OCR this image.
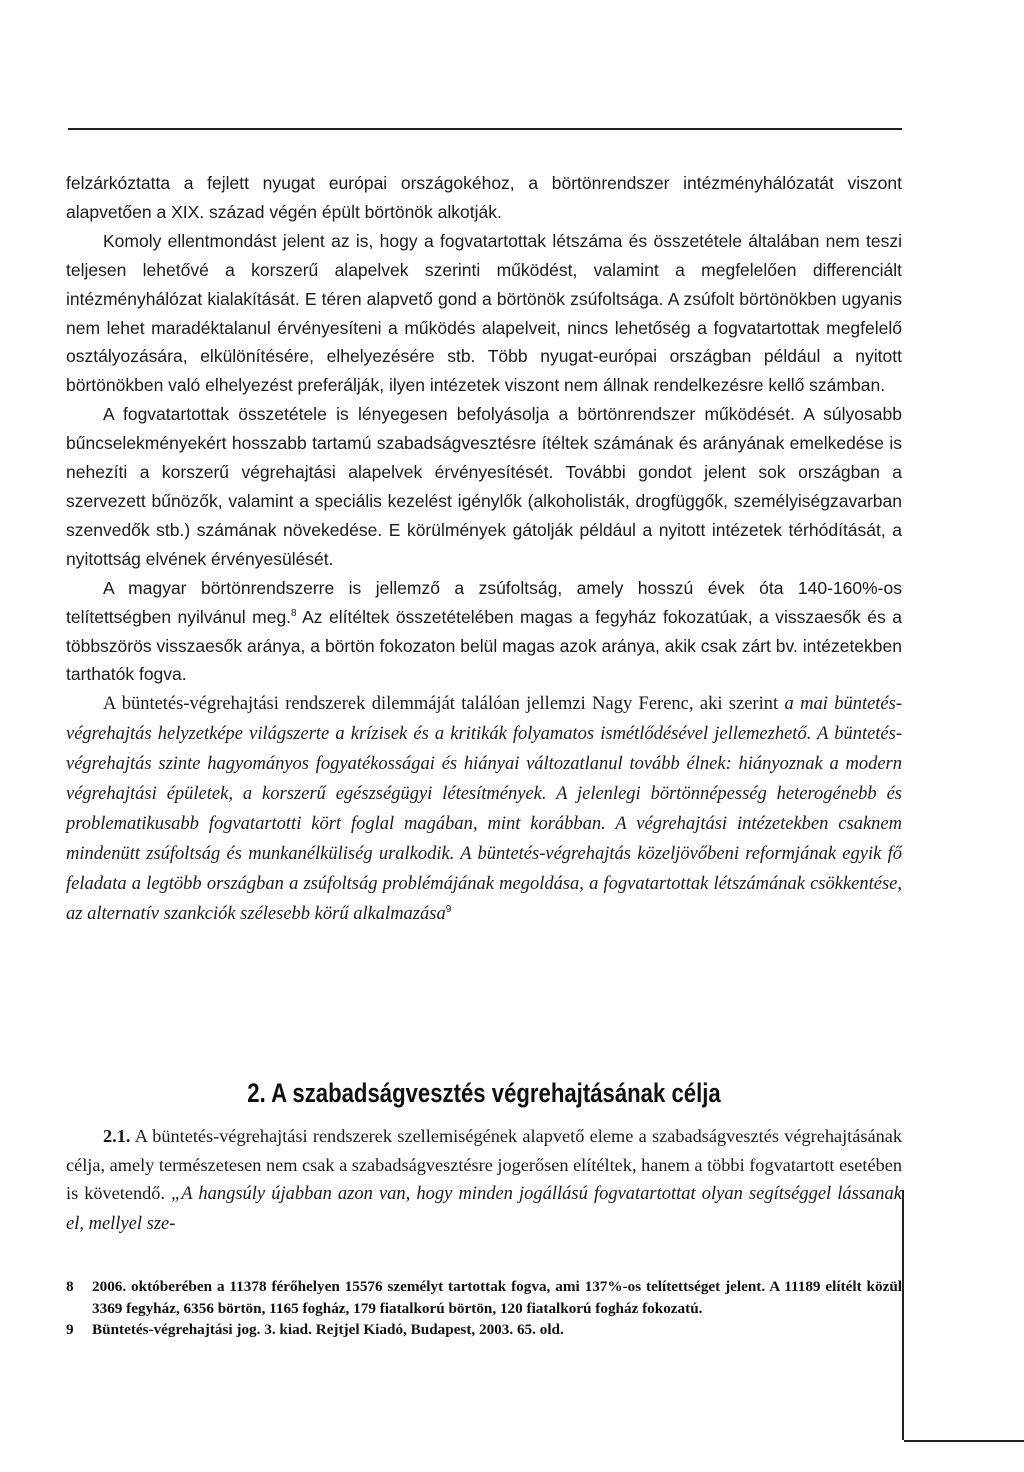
felzárkóztatta a fejlett nyugat európai országokéhoz, a börtönrendszer intézményhálózatát viszont alapvetően a XIX. század végén épült börtönök alkotják.

Komoly ellentmondást jelent az is, hogy a fogvatartottak létszáma és összetétele általában nem teszi teljesen lehetővé a korszerű alapelvek szerinti működést, valamint a megfelelően differenciált intézményhálózat kialakítását. E téren alapvető gond a börtönök zsúfoltsága. A zsúfolt börtönökben ugyanis nem lehet maradéktalanul érvényesíteni a működés alapelveit, nincs lehetőség a fogvatartottak megfelelő osztályozására, elkülönítésére, elhelyezésére stb. Több nyugat-európai országban például a nyitott börtönökben való elhelyezést preferálják, ilyen intézetek viszont nem állnak rendelkezésre kellő számban.

A fogvatartottak összetétele is lényegesen befolyásolja a börtönrendszer működését. A súlyosabb bűncselekményekért hosszabb tartamú szabadságvesztésre ítéltek számának és arányának emelkedése is nehezíti a korszerű végrehajtási alapelvek érvényesítését. További gondot jelent sok országban a szervezett bűnözők, valamint a speciális kezelést igénylők (alkoholisták, drogfüggők, személyiségzavarban szenvedők stb.) számának növekedése. E körülmények gátolják például a nyitott intézetek térhódítását, a nyitottság elvének érvényesülését.

A magyar börtönrendszerre is jellemző a zsúfoltság, amely hosszú évek óta 140-160%-os telítettségben nyilvánul meg.$^8$ Az elítéltek összetételében magas a fegyház fokozatúak, a visszaesők és a többszörös visszaesők aránya, a börtön fokozaton belül magas azok aránya, akik csak zárt bv. intézetekben tarthatók fogva.

A büntetés-végrehajtási rendszerek dilemmáját találóan jellemzi Nagy Ferenc, aki szerint a mai büntetés-végrehajtás helyzetképe világszerte a krízisek és a kritikák folyamatos ismétlődésével jellemezhető. A büntetés-végrehajtás szinte hagyományos fogyatékosságai és hiányai változatlanul tovább élnek: hiányoznak a modern végrehajtási épületek, a korszerű egészségügyi létesítmények. A jelenlegi börtönnépesség heterogénebb és problematikusabb fogvatartotti kört foglal magában, mint korábban. A végrehajtási intézetekben csaknem mindenütt zsúfoltság és munkanélküliség uralkodik. A büntetés-végrehajtás közeljövőbeni reformjának egyik fő feladata a legtöbb országban a zsúfoltság problémájának megoldása, a fogvatartottak létszámának csökkentése, az alternatív szankciók szélesebb körű alkalmazása$^9$

2. A szabadságvesztés végrehajtásának célja

2.1. A büntetés-végrehajtási rendszerek szellemiségének alapvető eleme a szabadságvesztés végrehajtásának célja, amely természetesen nem csak a szabadságvesztésre jogerősen elítéltek, hanem a többi fogvatartott esetében is követendő. „A hangsúly újabban azon van, hogy minden jogállású fogvatartottat olyan segítséggel lássanak el, mellyel sze-

8	2006. októberében a 11378 férőhelyen 15576 személyt tartottak fogva, ami 137%-os telítettséget jelent. A 11189 elítélt közül 3369 fegyház, 6356 börtön, 1165 fogház, 179 fiatalkorú börtön, 120 fiatalkorú fogház fokozatú.
9	Büntetés-végrehajtási jog. 3. kiad. Rejtjel Kiadó, Budapest, 2003. 65. old.
